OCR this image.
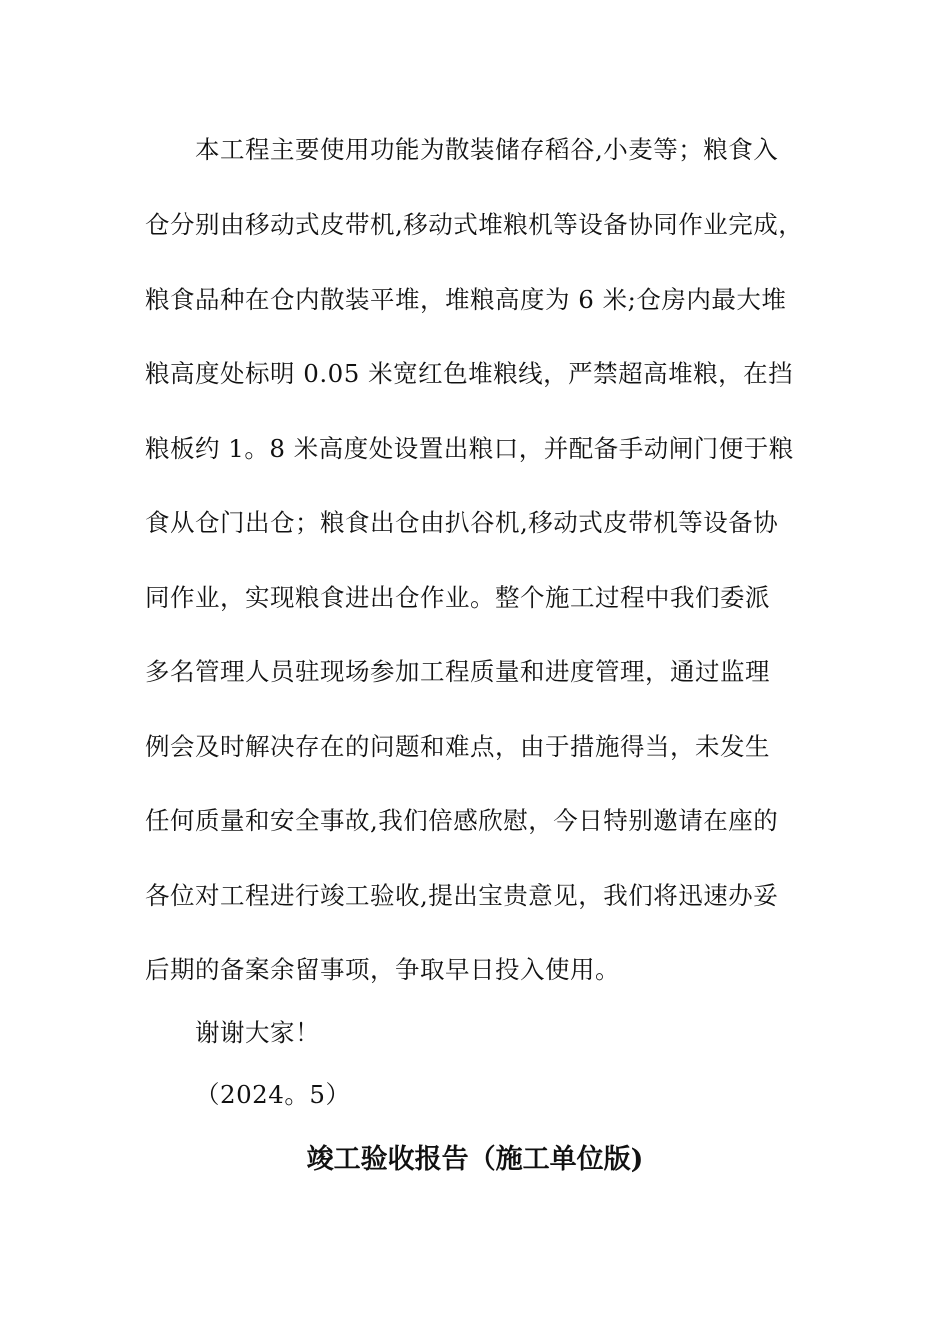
本工程主要使用功能为散装储存稻谷,小麦等；粮食入
仓分别由移动式皮带机,移动式堆粮机等设备协同作业完成，
粮食品种在仓内散装平堆，堆粮高度为 6 米;仓房内最大堆
粮高度处标明 0.05 米宽红色堆粮线，严禁超高堆粮，在挡
粮板约 1。8 米高度处设置出粮口，并配备手动闸门便于粮
食从仓门出仓；粮食出仓由扒谷机,移动式皮带机等设备协
同作业，实现粮食进出仓作业。整个施工过程中我们委派
多名管理人员驻现场参加工程质量和进度管理，通过监理
例会及时解决存在的问题和难点，由于措施得当，未发生
任何质量和安全事故,我们倍感欣慰，今日特别邀请在座的
各位对工程进行竣工验收,提出宝贵意见，我们将迅速办妥
后期的备案余留事项，争取早日投入使用。
谢谢大家！
（2024。5）
竣工验收报告（施工单位版)
